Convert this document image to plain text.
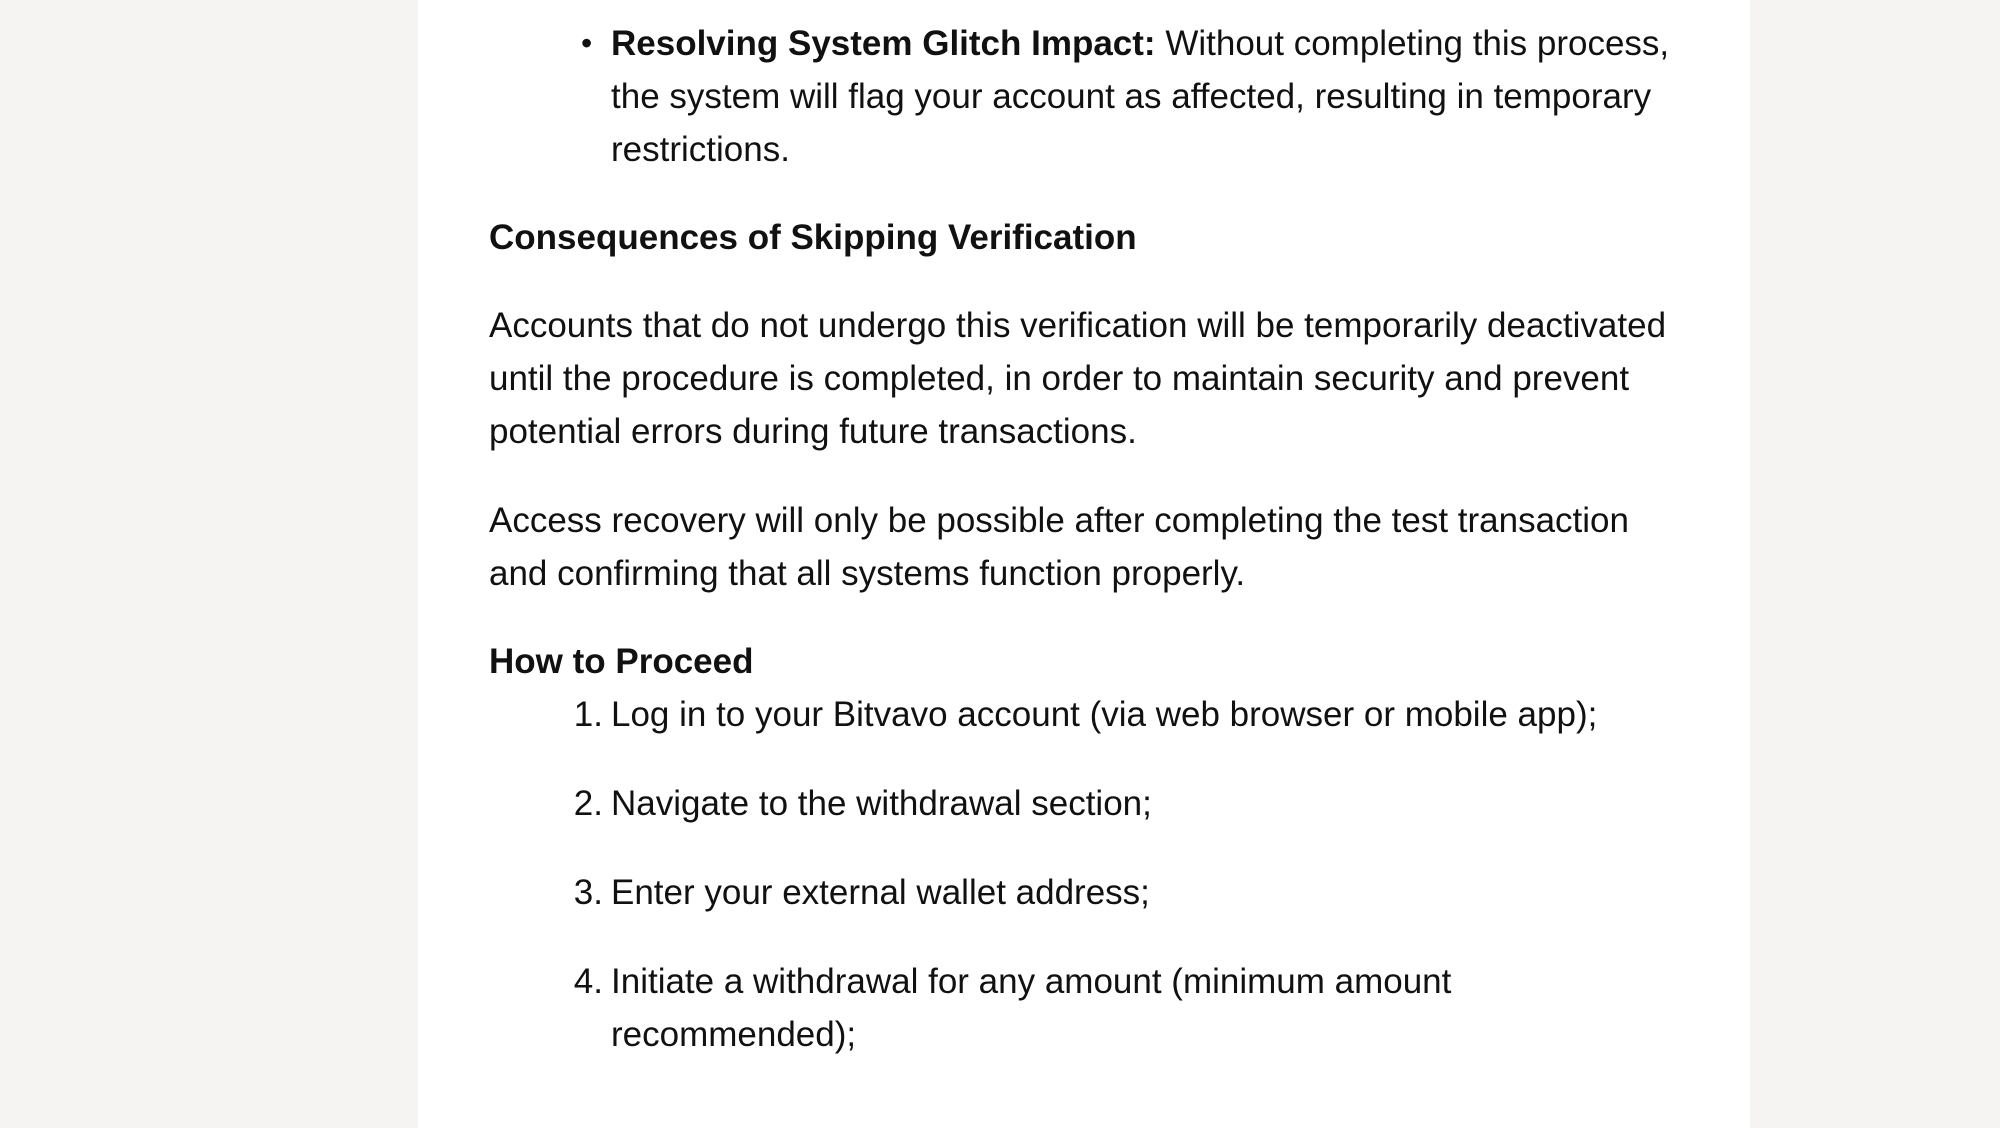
• Resolving System Glitch Impact: Without completing this process, the system will flag your account as affected, resulting in temporary restrictions.
Consequences of Skipping Verification

Accounts that do not undergo this verification will be temporarily deactivated until the procedure is completed, in order to maintain security and prevent potential errors during future transactions.

Access recovery will only be possible after completing the test transaction and confirming that all systems function properly.

How to Proceed
1. Log in to your Bitvavo account (via web browser or mobile app);
2. Navigate to the withdrawal section;
3. Enter your external wallet address;
4. Initiate a withdrawal for any amount (minimum amount recommended);
